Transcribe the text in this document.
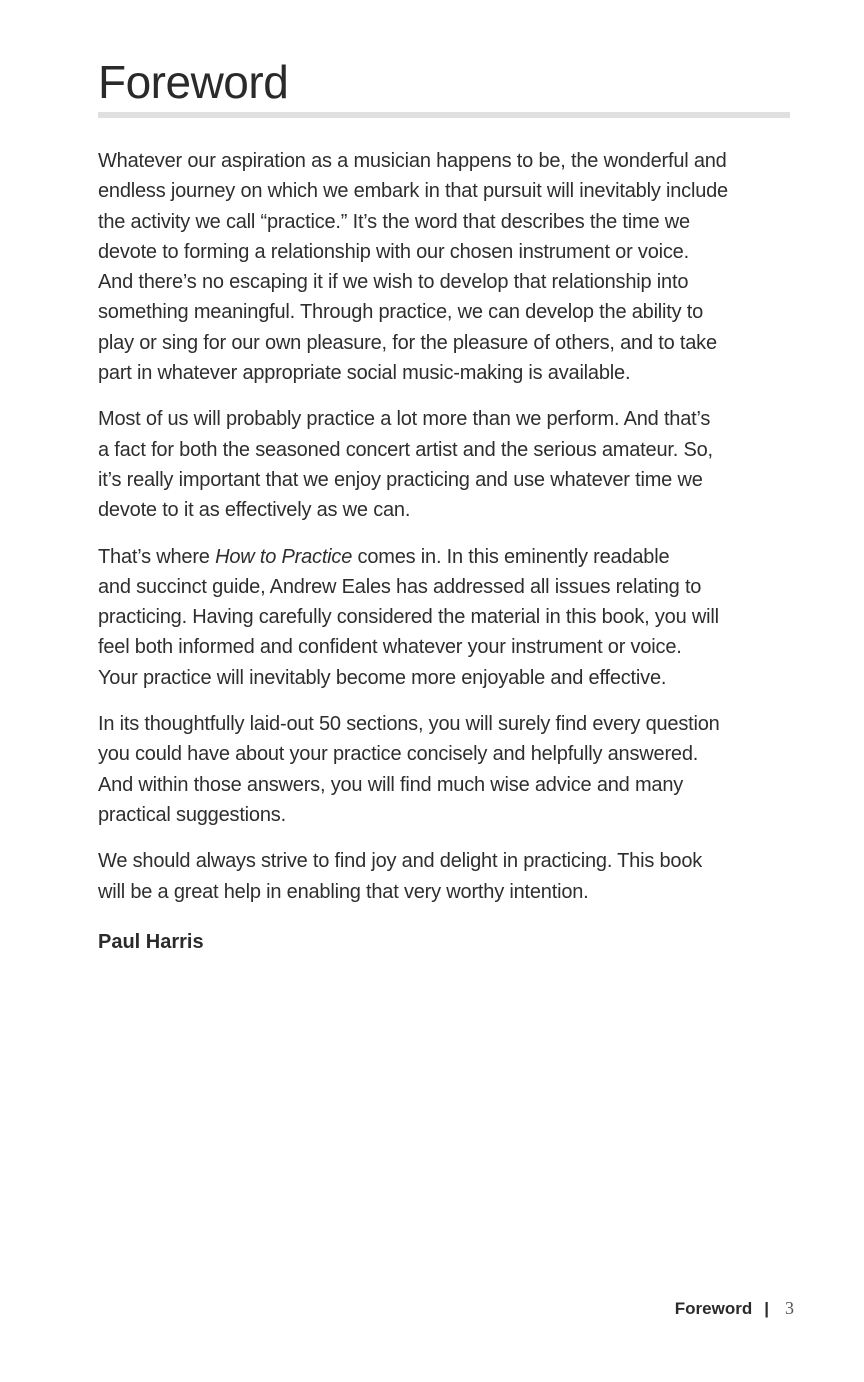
Foreword

Whatever our aspiration as a musician happens to be, the wonderful and
endless journey on which we embark in that pursuit will inevitably include
the activity we call “practice.” It’s the word that describes the time we
devote to forming a relationship with our chosen instrument or voice.
And there’s no escaping it if we wish to develop that relationship into
something meaningful. Through practice, we can develop the ability to
play or sing for our own pleasure, for the pleasure of others, and to take
part in whatever appropriate social music-making is available.

Most of us will probably practice a lot more than we perform. And that’s
a fact for both the seasoned concert artist and the serious amateur. So,
it’s really important that we enjoy practicing and use whatever time we
devote to it as effectively as we can.

That’s where How to Practice comes in. In this eminently readable
and succinct guide, Andrew Eales has addressed all issues relating to
practicing. Having carefully considered the material in this book, you will
feel both informed and confident whatever your instrument or voice.
Your practice will inevitably become more enjoyable and effective.

In its thoughtfully laid-out 50 sections, you will surely find every question
you could have about your practice concisely and helpfully answered.
And within those answers, you will find much wise advice and many
practical suggestions.

We should always strive to find joy and delight in practicing. This book
will be a great help in enabling that very worthy intention.

Paul Harris

Foreword | 3
